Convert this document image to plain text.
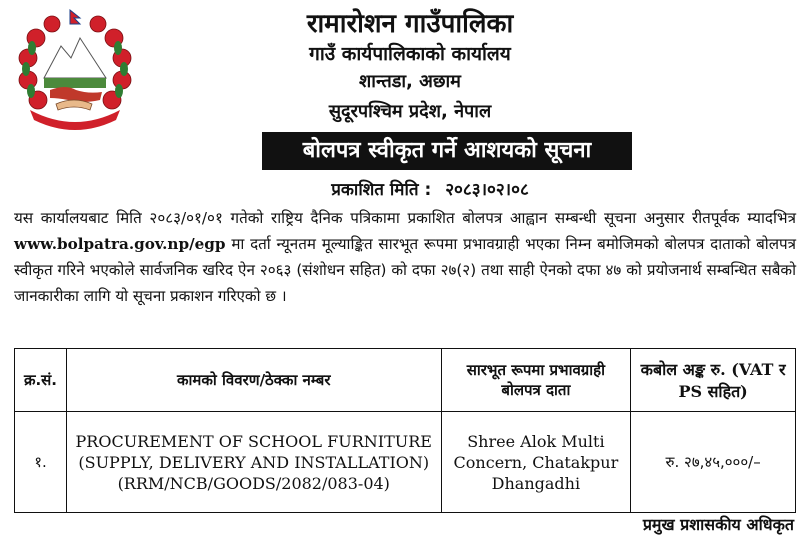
~ ~ ~
रामारोशन गाउँपालिका
गाउँ कार्यपालिकाको कार्यालय
शान्तडा, अछाम
सुदूरपश्चिम प्रदेश, नेपाल
बोलपत्र स्वीकृत गर्ने आशयको सूचना
प्रकाशित मिति : २०८३।०२।०८
यस कार्यालयबाट मिति २०८३/०१/०१ गतेको राष्ट्रिय दैनिक पत्रिकामा प्रकाशित बोलपत्र आह्वान सम्बन्धी सूचना अनुसार रीतपूर्वक म्यादभित्र www.bolpatra.gov.np/egp मा दर्ता न्यूनतम मूल्याङ्कित सारभूत रूपमा प्रभावग्राही भएका निम्न बमोजिमको बोलपत्र दाताको बोलपत्र स्वीकृत गरिने भएकोले सार्वजनिक खरिद ऐन २०६३ (संशोधन सहित) को दफा २७(२) तथा साही ऐनको दफा ४७ को प्रयोजनार्थ सम्बन्धित सबैको जानकारीका लागि यो सूचना प्रकाशन गरिएको छ ।
क्र.सं.	कामको विवरण/ठेक्का नम्बर	सारभूत रूपमा प्रभावग्राही बोलपत्र दाता	कबोल अङ्क रु. (VAT र PS सहित)
१.	PROCUREMENT OF SCHOOL FURNITURE (SUPPLY, DELIVERY AND INSTALLATION) (RRM/NCB/GOODS/2082/083-04)	Shree Alok Multi Concern, Chatakpur Dhangadhi	रु. २७,४५,०००/–
प्रमुख प्रशासकीय अधिकृत
